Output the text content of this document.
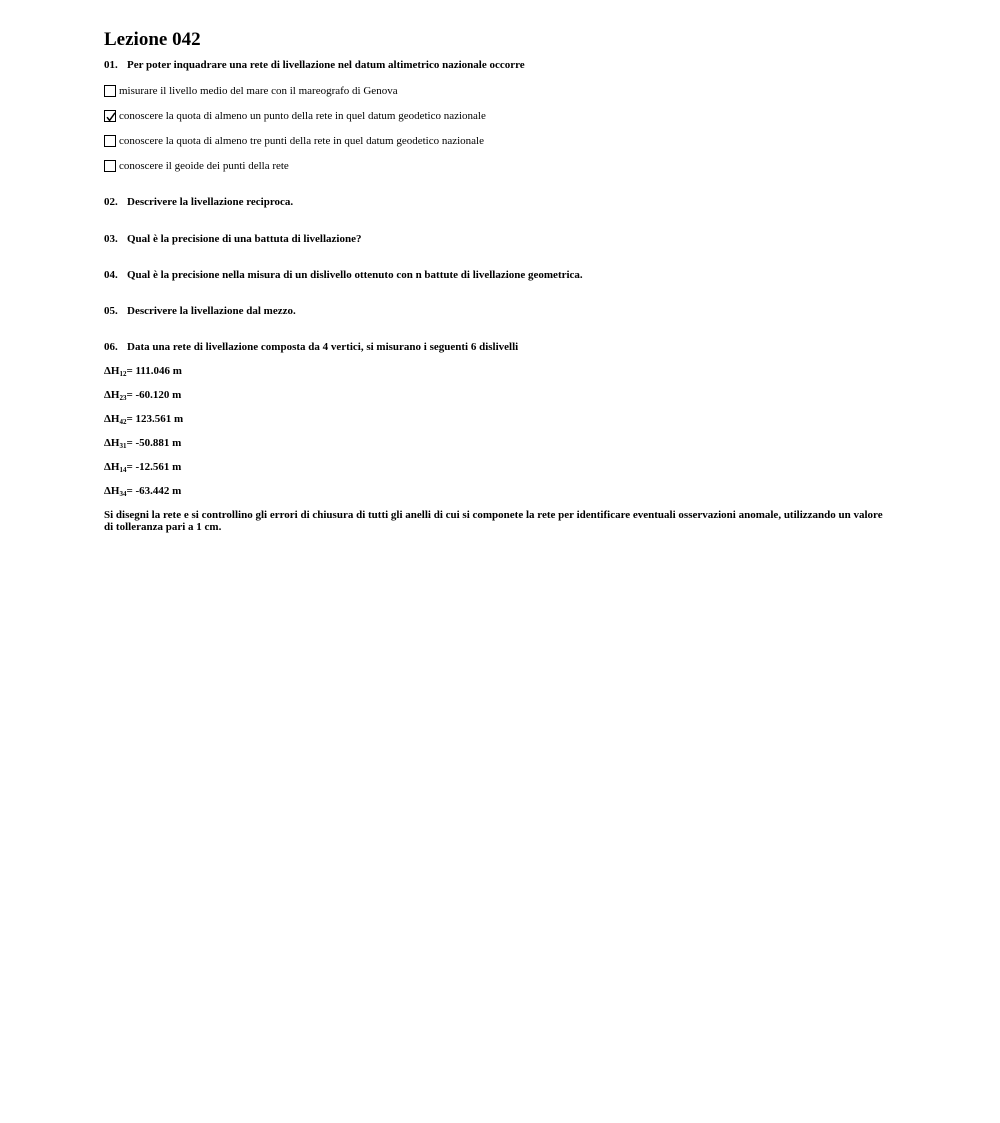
Lezione 042
01. Per poter inquadrare una rete di livellazione nel datum altimetrico nazionale occorre
misurare il livello medio del mare con il mareografo di Genova
conoscere la quota di almeno un punto della rete in quel datum geodetico nazionale
conoscere la quota di almeno tre punti della rete in quel datum geodetico nazionale
conoscere il geoide dei punti della rete
02. Descrivere la livellazione reciproca.
03. Qual è la precisione di una battuta di livellazione?
04. Qual è la precisione nella misura di un dislivello ottenuto con n battute di livellazione geometrica.
05. Descrivere la livellazione dal mezzo.
06. Data una rete di livellazione composta da 4 vertici, si misurano i seguenti 6 dislivelli
$\Delta H_{12}= 111.046$ m
$\Delta H_{23}= -60.120$ m
$\Delta H_{42}= 123.561$ m
$\Delta H_{31}= -50.881$ m
$\Delta H_{14}= -12.561$ m
$\Delta H_{34}= -63.442$ m
Si disegni la rete e si controllino gli errori di chiusura di tutti gli anelli di cui si componete la rete per identificare eventuali osservazioni anomale, utilizzando un valore di tolleranza pari a 1 cm.
